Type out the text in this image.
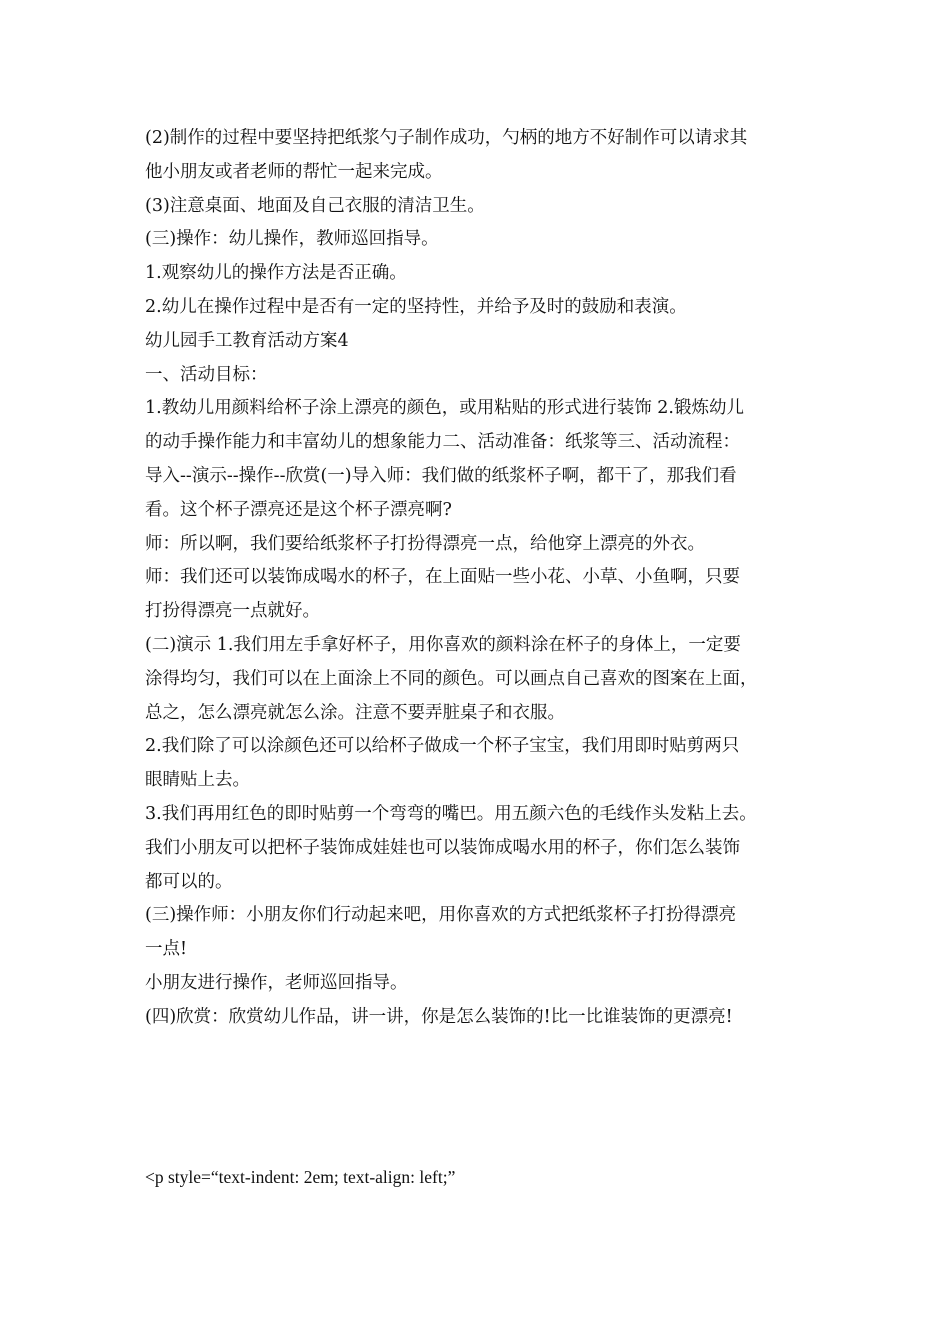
(2)制作的过程中要坚持把纸浆勺子制作成功，勺柄的地方不好制作可以请求其
他小朋友或者老师的帮忙一起来完成。
(3)注意桌面、地面及自己衣服的清洁卫生。
(三)操作：幼儿操作，教师巡回指导。
1.观察幼儿的操作方法是否正确。
2.幼儿在操作过程中是否有一定的坚持性，并给予及时的鼓励和表演。
幼儿园手工教育活动方案4
一、活动目标：
1.教幼儿用颜料给杯子涂上漂亮的颜色，或用粘贴的形式进行装饰 2.锻炼幼儿
的动手操作能力和丰富幼儿的想象能力二、活动准备：纸浆等三、活动流程：
导入--演示--操作--欣赏(一)导入师：我们做的纸浆杯子啊，都干了，那我们看
看。这个杯子漂亮还是这个杯子漂亮啊?
师：所以啊，我们要给纸浆杯子打扮得漂亮一点，给他穿上漂亮的外衣。
师：我们还可以装饰成喝水的杯子，在上面贴一些小花、小草、小鱼啊，只要
打扮得漂亮一点就好。
(二)演示 1.我们用左手拿好杯子，用你喜欢的颜料涂在杯子的身体上，一定要
涂得均匀，我们可以在上面涂上不同的颜色。可以画点自己喜欢的图案在上面，
总之，怎么漂亮就怎么涂。注意不要弄脏桌子和衣服。
2.我们除了可以涂颜色还可以给杯子做成一个杯子宝宝，我们用即时贴剪两只
眼睛贴上去。
3.我们再用红色的即时贴剪一个弯弯的嘴巴。用五颜六色的毛线作头发粘上去。
我们小朋友可以把杯子装饰成娃娃也可以装饰成喝水用的杯子，你们怎么装饰
都可以的。
(三)操作师：小朋友你们行动起来吧，用你喜欢的方式把纸浆杯子打扮得漂亮
一点!
小朋友进行操作，老师巡回指导。
(四)欣赏：欣赏幼儿作品，讲一讲，你是怎么装饰的!比一比谁装饰的更漂亮!
<p style=“text-indent: 2em; text-align: left;”
